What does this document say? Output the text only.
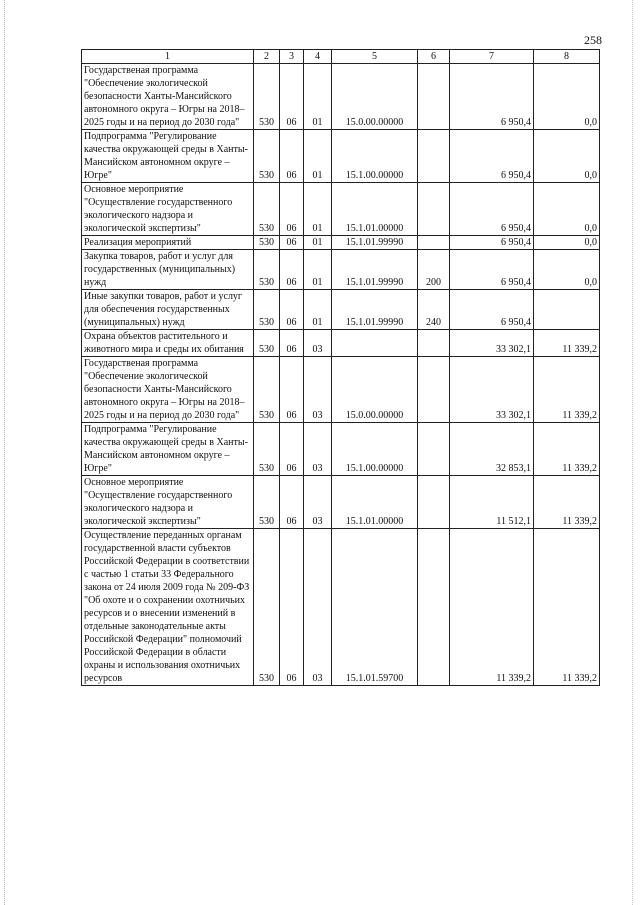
258
1	2	3	4	5	6	7	8
Государственая программа "Обеспечение экологической безопасности Ханты-Мансийского автономного округа – Югры на 2018–2025 годы и на период до 2030 года"	530	06	01	15.0.00.00000		6 950,4	0,0
Подпрограмма "Регулирование качества окружающей среды в Ханты-Мансийском автономном округе – Югре"	530	06	01	15.1.00.00000		6 950,4	0,0
Основное мероприятие "Осуществление государственного экологического надзора и экологической экспертизы"	530	06	01	15.1.01.00000		6 950,4	0,0
Реализация мероприятий	530	06	01	15.1.01.99990		6 950,4	0,0
Закупка товаров, работ и услуг для государственных (муниципальных) нужд	530	06	01	15.1.01.99990	200	6 950,4	0,0
Иные закупки товаров, работ и услуг для обеспечения государственных (муниципальных) нужд	530	06	01	15.1.01.99990	240	6 950,4	
Охрана объектов растительного и животного мира и среды их обитания	530	06	03			33 302,1	11 339,2
Государственая программа "Обеспечение экологической безопасности Ханты-Мансийского автономного округа – Югры на 2018–2025 годы и на период до 2030 года"	530	06	03	15.0.00.00000		33 302,1	11 339,2
Подпрограмма "Регулирование качества окружающей среды в Ханты-Мансийском автономном округе – Югре"	530	06	03	15.1.00.00000		32 853,1	11 339,2
Основное мероприятие "Осуществление государственного экологического надзора и экологической экспертизы"	530	06	03	15.1.01.00000		11 512,1	11 339,2
Осуществление переданных органам государственной власти субъектов Российской Федерации в соответствии с частью 1 статьи 33 Федерального закона от 24 июля 2009 года № 209-ФЗ "Об охоте и о сохранении охотничьих ресурсов и о внесении изменений в отдельные законодательные акты Российской Федерации" полномочий Российской Федерации в области охраны и использования охотничьих ресурсов	530	06	03	15.1.01.59700		11 339,2	11 339,2
